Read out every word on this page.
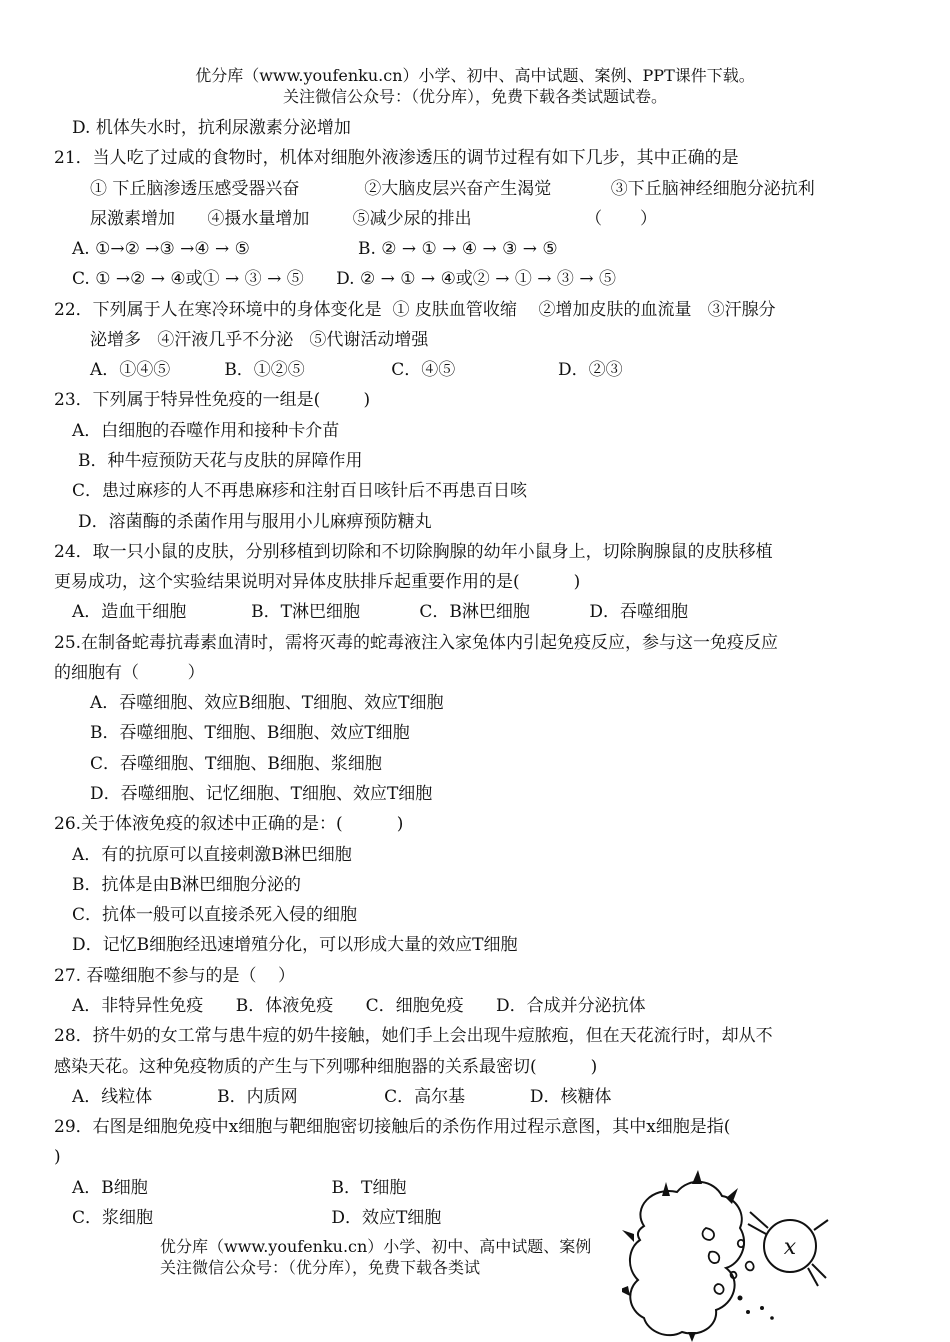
优分库（www.youfenku.cn）小学、初中、高中试题、案例、PPT课件下载。
关注微信公众号：（优分库），免费下载各类试题试卷。
D. 机体失水时，抗利尿激素分泌增加
21．当人吃了过咸的食物时，机体对细胞外液渗透压的调节过程有如下几步，其中正确的是
① 下丘脑渗透压感受器兴奋            ②大脑皮层兴奋产生渴觉           ③下丘脑神经细胞分泌抗利
尿激素增加      ④摄水量增加        ⑤减少尿的排出                     （       ）
A. ①→② →③ →④ → ⑤                    B. ② → ① → ④ → ③ → ⑤
C. ① →② → ④或① → ③ → ⑤      D. ② → ① → ④或② → ① → ③ → ⑤
22．下列属于人在寒冷环境中的身体变化是  ① 皮肤血管收缩    ②增加皮肤的血流量   ③汗腺分
泌增多   ④汗液几乎不分泌   ⑤代谢活动增强
A．①④⑤          B．①②⑤                C．④⑤                   D．②③
23．下列属于特异性免疫的一组是(        )
A．白细胞的吞噬作用和接种卡介苗
B．种牛痘预防天花与皮肤的屏障作用
C．患过麻疹的人不再患麻疹和注射百日咳针后不再患百日咳
D．溶菌酶的杀菌作用与服用小儿麻痹预防糖丸
24．取一只小鼠的皮肤，分别移植到切除和不切除胸腺的幼年小鼠身上，切除胸腺鼠的皮肤移植
更易成功，这个实验结果说明对异体皮肤排斥起重要作用的是(          )
A．造血干细胞            B．T淋巴细胞           C．B淋巴细胞           D．吞噬细胞
25.在制备蛇毒抗毒素血清时，需将灭毒的蛇毒液注入家兔体内引起免疫反应，参与这一免疫反应
的细胞有（         ）
A．吞噬细胞、效应B细胞、T细胞、效应T细胞
B．吞噬细胞、T细胞、B细胞、效应T细胞
C．吞噬细胞、T细胞、B细胞、浆细胞
D．吞噬细胞、记忆细胞、T细胞、效应T细胞
26.关于体液免疫的叙述中正确的是：(          )
A．有的抗原可以直接刺激B淋巴细胞
B．抗体是由B淋巴细胞分泌的
C．抗体一般可以直接杀死入侵的细胞
D．记忆B细胞经迅速增殖分化，可以形成大量的效应T细胞
27. 吞噬细胞不参与的是（    ）
A．非特异性免疫      B．体液免疫      C．细胞免疫      D．合成并分泌抗体
28．挤牛奶的女工常与患牛痘的奶牛接触，她们手上会出现牛痘脓疱，但在天花流行时，却从不
感染天花。这种免疫物质的产生与下列哪种细胞器的关系最密切(          )
A．线粒体            B．内质网                C．高尔基            D．核糖体
29．右图是细胞免疫中x细胞与靶细胞密切接触后的杀伤作用过程示意图，其中x细胞是指(
)
A．B细胞                                  B．T细胞
C．浆细胞                                 D．效应T细胞
优分库（www.youfenku.cn）小学、初中、高中试题、案例
关注微信公众号：（优分库），免费下载各类试
x
